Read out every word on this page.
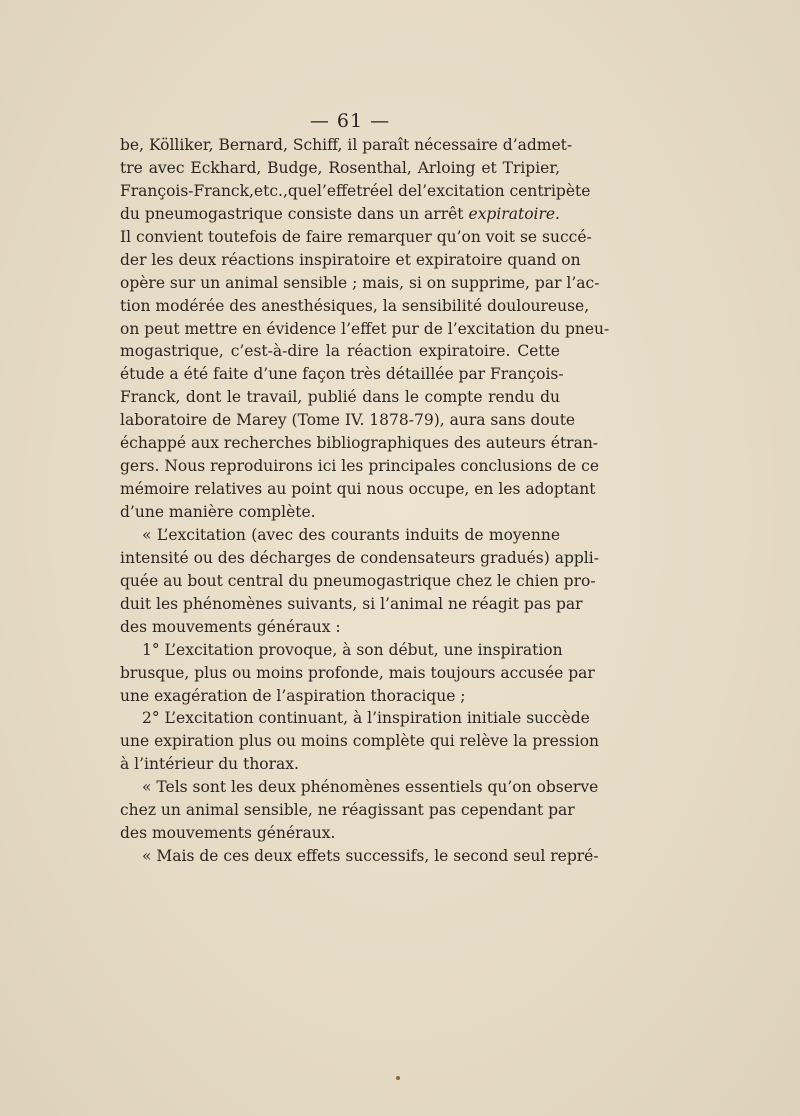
— 61 —
be, Kölliker, Bernard, Schiff, il paraît nécessaire d’admet-
tre avec Eckhard, Budge, Rosenthal, Arloing et Tripier,
François-Franck,etc.,quel’effetréel del’excitation centripète
du pneumogastrique consiste dans un arrêt expiratoire.
Il convient toutefois de faire remarquer qu’on voit se succé-
der les deux réactions inspiratoire et expiratoire quand on
opère sur un animal sensible ; mais, si on supprime, par l’ac-
tion modérée des anesthésiques, la sensibilité douloureuse,
on peut mettre en évidence l’effet pur de l’excitation du pneu-
mogastrique, c’est-à-dire la réaction expiratoire. Cette
étude a été faite d’une façon très détaillée par François-
Franck, dont le travail, publié dans le compte rendu du
laboratoire de Marey (Tome IV. 1878-79), aura sans doute
échappé aux recherches bibliographiques des auteurs étran-
gers. Nous reproduirons ici les principales conclusions de ce
mémoire relatives au point qui nous occupe, en les adoptant
d’une manière complète.
« L’excitation (avec des courants induits de moyenne
intensité ou des décharges de condensateurs gradués) appli-
quée au bout central du pneumogastrique chez le chien pro-
duit les phénomènes suivants, si l’animal ne réagit pas par
des mouvements généraux :
1° L’excitation provoque, à son début, une inspiration
brusque, plus ou moins profonde, mais toujours accusée par
une exagération de l’aspiration thoracique ;
2° L’excitation continuant, à l’inspiration initiale succède
une expiration plus ou moins complète qui relève la pression
à l’intérieur du thorax.
« Tels sont les deux phénomènes essentiels qu’on observe
chez un animal sensible, ne réagissant pas cependant par
des mouvements généraux.
« Mais de ces deux effets successifs, le second seul repré-
